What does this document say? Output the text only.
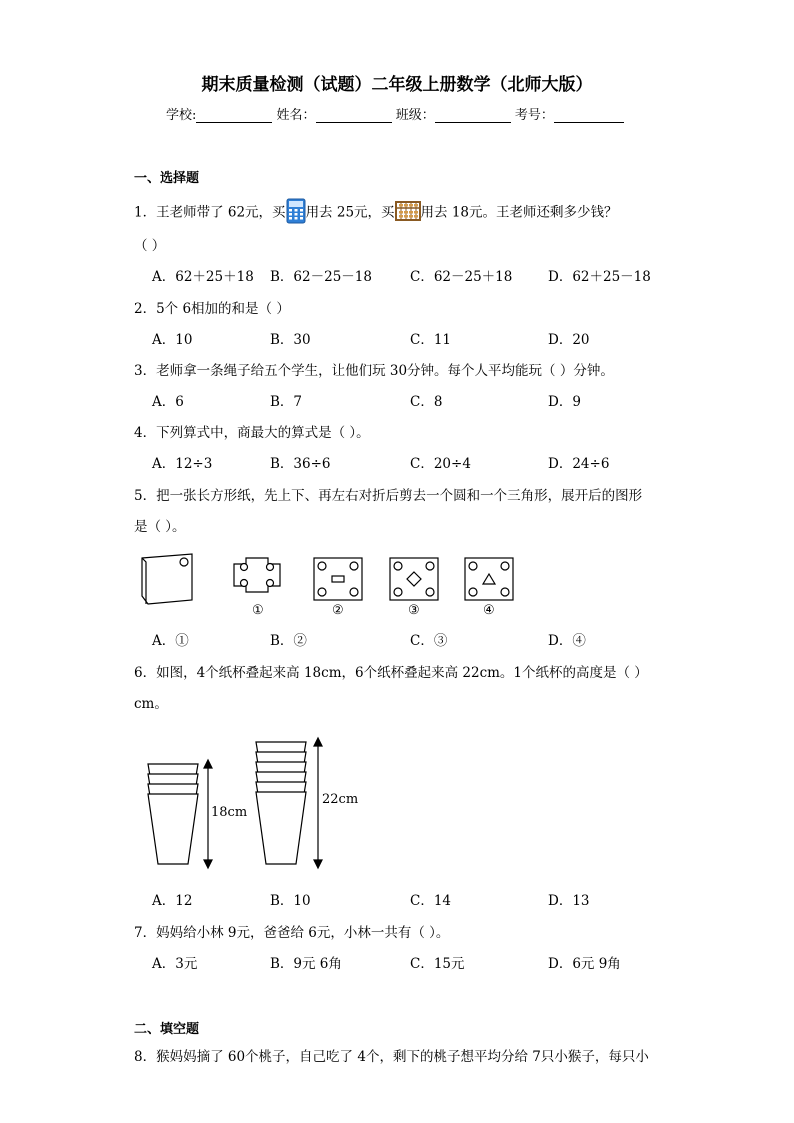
期末质量检测（试题）二年级上册数学（北师大版）
学校:	姓名：	班级：	考号：
一、选择题
1．王老师带了 62元，买 用去 25元，买 用去 18元。王老师还剩多少钱？
（ ）
A．62＋25＋18 B．62－25－18	C．62－25＋18	D．62＋25－18
2．5个 6相加的和是（ ）
A．10	B．30	C．11	D．20
3．老师拿一条绳子给五个学生，让他们玩 30分钟。每个人平均能玩（ ）分钟。
A．6	B．7	C．8	D．9
4．下列算式中，商最大的算式是（ ）。
A．12÷3	B．36÷6	C．20÷4	D．24÷6
5．把一张长方形纸，先上下、再左右对折后剪去一个圆和一个三角形，展开后的图形
是（ ）。
①	②	③	④
A．①	B．②	C．③	D．④
6．如图，4个纸杯叠起来高 18cm，6个纸杯叠起来高 22cm。1个纸杯的高度是（ ）
cm。
18cm
22cm
A．12	B．10	C．14	D．13
7．妈妈给小林 9元，爸爸给 6元，小林一共有（ ）。
A．3元	B．9元 6角	C．15元	D．6元 9角
二、填空题
8．猴妈妈摘了 60个桃子，自己吃了 4个，剩下的桃子想平均分给 7只小猴子，每只小
